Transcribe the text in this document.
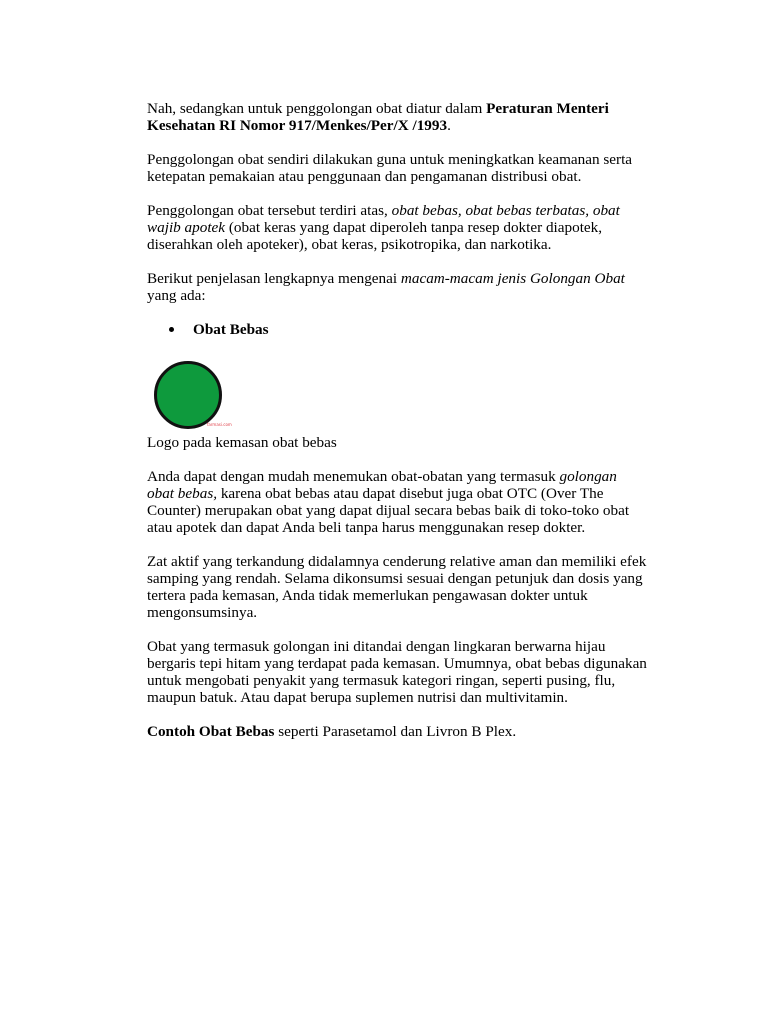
Nah, sedangkan untuk penggolongan obat diatur dalam Peraturan Menteri Kesehatan RI Nomor 917/Menkes/Per/X /1993.

Penggolongan obat sendiri dilakukan guna untuk meningkatkan keamanan serta ketepatan pemakaian atau penggunaan dan pengamanan distribusi obat.

Penggolongan obat tersebut terdiri atas, obat bebas, obat bebas terbatas, obat wajib apotek (obat keras yang dapat diperoleh tanpa resep dokter diapotek, diserahkan oleh apoteker), obat keras, psikotropika, dan narkotika.

Berikut penjelasan lengkapnya mengenai macam-macam jenis Golongan Obat yang ada:

Obat Bebas
farmasi.com

Logo pada kemasan obat bebas

Anda dapat dengan mudah menemukan obat-obatan yang termasuk golongan obat bebas, karena obat bebas atau dapat disebut juga obat OTC (Over The Counter) merupakan obat yang dapat dijual secara bebas baik di toko-toko obat atau apotek dan dapat Anda beli tanpa harus menggunakan resep dokter.

Zat aktif yang terkandung didalamnya cenderung relative aman dan memiliki efek samping yang rendah. Selama dikonsumsi sesuai dengan petunjuk dan dosis yang tertera pada kemasan, Anda tidak memerlukan pengawasan dokter untuk mengonsumsinya.

Obat yang termasuk golongan ini ditandai dengan lingkaran berwarna hijau bergaris tepi hitam yang terdapat pada kemasan. Umumnya, obat bebas digunakan untuk mengobati penyakit yang termasuk kategori ringan, seperti pusing, flu, maupun batuk. Atau dapat berupa suplemen nutrisi dan multivitamin.

Contoh Obat Bebas seperti Parasetamol dan Livron B Plex.
